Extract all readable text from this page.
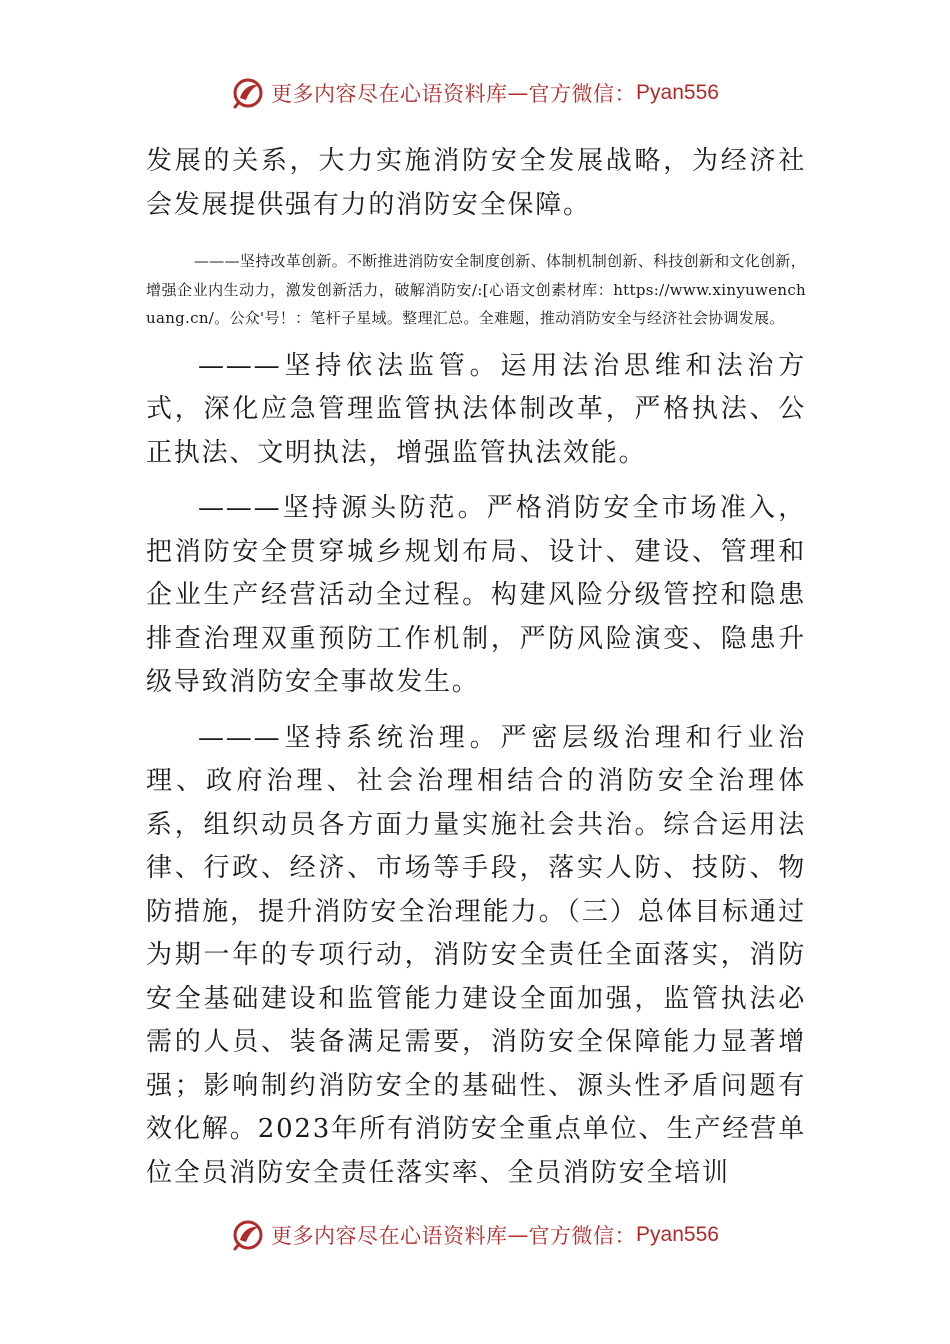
更多内容尽在心语资料库 — 官方微信： Pyan556

发展的关系，大力实施消防安全发展战略，为经济社会发展提供强有力的消防安全保障。

———坚持改革创新。不断推进消防安全制度创新、体制机制创新、科技创新和文化创新，增强企业内生动力，激发创新活力，破解消防安/:[心语文创素材库：https://www.xinyuwenchuang.cn/。公众'号！：笔杆子星域。整理汇总。全难题，推动消防安全与经济社会协调发展。

———坚持依法监管。运用法治思维和法治方式，深化应急管理监管执法体制改革，严格执法、公正执法、文明执法，增强监管执法效能。

———坚持源头防范。严格消防安全市场准入，把消防安全贯穿城乡规划布局、设计、建设、管理和企业生产经营活动全过程。构建风险分级管控和隐患排查治理双重预防工作机制，严防风险演变、隐患升级导致消防安全事故发生。

———坚持系统治理。严密层级治理和行业治理、政府治理、社会治理相结合的消防安全治理体系，组织动员各方面力量实施社会共治。综合运用法律、行政、经济、市场等手段，落实人防、技防、物防措施，提升消防安全治理能力。（三）总体目标通过为期一年的专项行动，消防安全责任全面落实，消防安全基础建设和监管能力建设全面加强，监管执法必需的人员、装备满足需要，消防安全保障能力显著增强；影响制约消防安全的基础性、源头性矛盾问题有效化解。2023年所有消防安全重点单位、生产经营单位全员消防安全责任落实率、全员消防安全培训

更多内容尽在心语资料库 — 官方微信： Pyan556
